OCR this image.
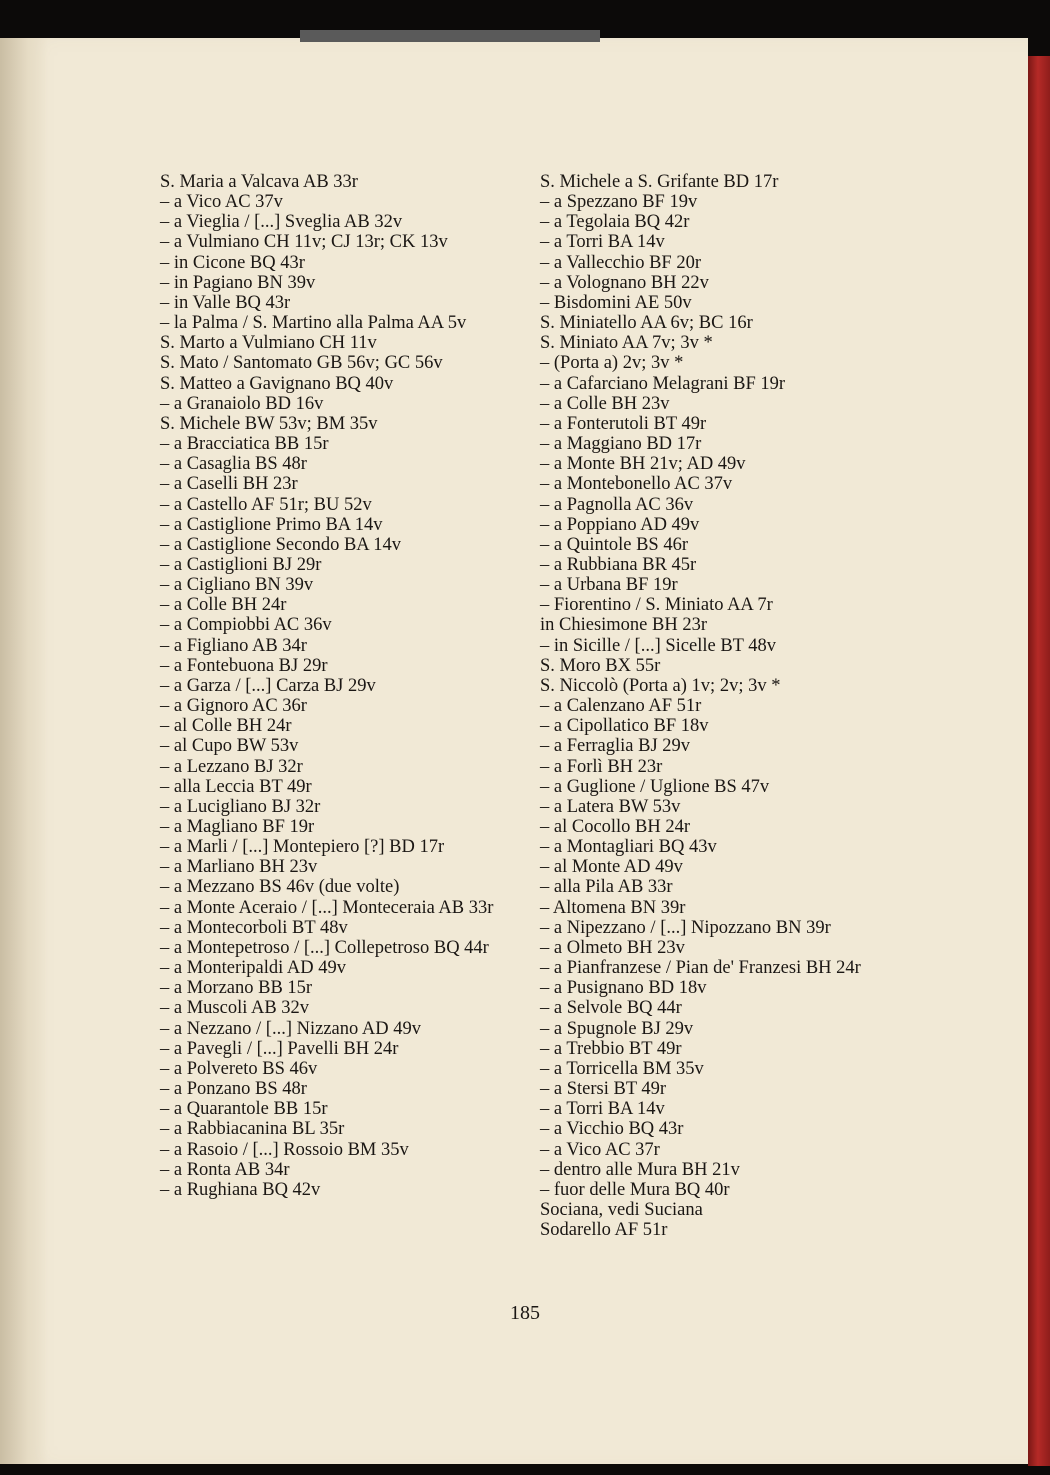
S. Maria a Valcava AB 33r
– a Vico AC 37v
– a Vieglia / [...] Sveglia AB 32v
– a Vulmiano CH 11v; CJ 13r; CK 13v
– in Cicone BQ 43r
– in Pagiano BN 39v
– in Valle BQ 43r
– la Palma / S. Martino alla Palma AA 5v
S. Marto a Vulmiano CH 11v
S. Mato / Santomato GB 56v; GC 56v
S. Matteo a Gavignano BQ 40v
– a Granaiolo BD 16v
S. Michele BW 53v; BM 35v
– a Bracciatica BB 15r
– a Casaglia BS 48r
– a Caselli BH 23r
– a Castello AF 51r; BU 52v
– a Castiglione Primo BA 14v
– a Castiglione Secondo BA 14v
– a Castiglioni BJ 29r
– a Cigliano BN 39v
– a Colle BH 24r
– a Compiobbi AC 36v
– a Figliano AB 34r
– a Fontebuona BJ 29r
– a Garza / [...] Carza BJ 29v
– a Gignoro AC 36r
– al Colle BH 24r
– al Cupo BW 53v
– a Lezzano BJ 32r
– alla Leccia BT 49r
– a Lucigliano BJ 32r
– a Magliano BF 19r
– a Marli / [...] Montepiero [?] BD 17r
– a Marliano BH 23v
– a Mezzano BS 46v (due volte)
– a Monte Aceraio / [...] Monteceraia AB 33r
– a Montecorboli BT 48v
– a Montepetroso / [...] Collepetroso BQ 44r
– a Monteripaldi AD 49v
– a Morzano BB 15r
– a Muscoli AB 32v
– a Nezzano / [...] Nizzano AD 49v
– a Pavegli / [...] Pavelli BH 24r
– a Polvereto BS 46v
– a Ponzano BS 48r
– a Quarantole BB 15r
– a Rabbiacanina BL 35r
– a Rasoio / [...] Rossoio BM 35v
– a Ronta AB 34r
– a Rughiana BQ 42v
S. Michele a S. Grifante BD 17r
– a Spezzano BF 19v
– a Tegolaia BQ 42r
– a Torri BA 14v
– a Vallecchio BF 20r
– a Volognano BH 22v
– Bisdomini AE 50v
S. Miniatello AA 6v; BC 16r
S. Miniato AA 7v; 3v *
– (Porta a) 2v; 3v *
– a Cafarciano Melagrani BF 19r
– a Colle BH 23v
– a Fonterutoli BT 49r
– a Maggiano BD 17r
– a Monte BH 21v; AD 49v
– a Montebonello AC 37v
– a Pagnolla AC 36v
– a Poppiano AD 49v
– a Quintole BS 46r
– a Rubbiana BR 45r
– a Urbana BF 19r
– Fiorentino / S. Miniato AA 7r
in Chiesimone BH 23r
– in Sicille / [...] Sicelle BT 48v
S. Moro BX 55r
S. Niccolò (Porta a) 1v; 2v; 3v *
– a Calenzano AF 51r
– a Cipollatico BF 18v
– a Ferraglia BJ 29v
– a Forlì BH 23r
– a Guglione / Uglione BS 47v
– a Latera BW 53v
– al Cocollo BH 24r
– a Montagliari BQ 43v
– al Monte AD 49v
– alla Pila AB 33r
– Altomena BN 39r
– a Nipezzano / [...] Nipozzano BN 39r
– a Olmeto BH 23v
– a Pianfranzese / Pian de' Franzesi BH 24r
– a Pusignano BD 18v
– a Selvole BQ 44r
– a Spugnole BJ 29v
– a Trebbio BT 49r
– a Torricella BM 35v
– a Stersi BT 49r
– a Torri BA 14v
– a Vicchio BQ 43r
– a Vico AC 37r
– dentro alle Mura BH 21v
– fuor delle Mura BQ 40r
Sociana, vedi Suciana
Sodarello AF 51r
185
